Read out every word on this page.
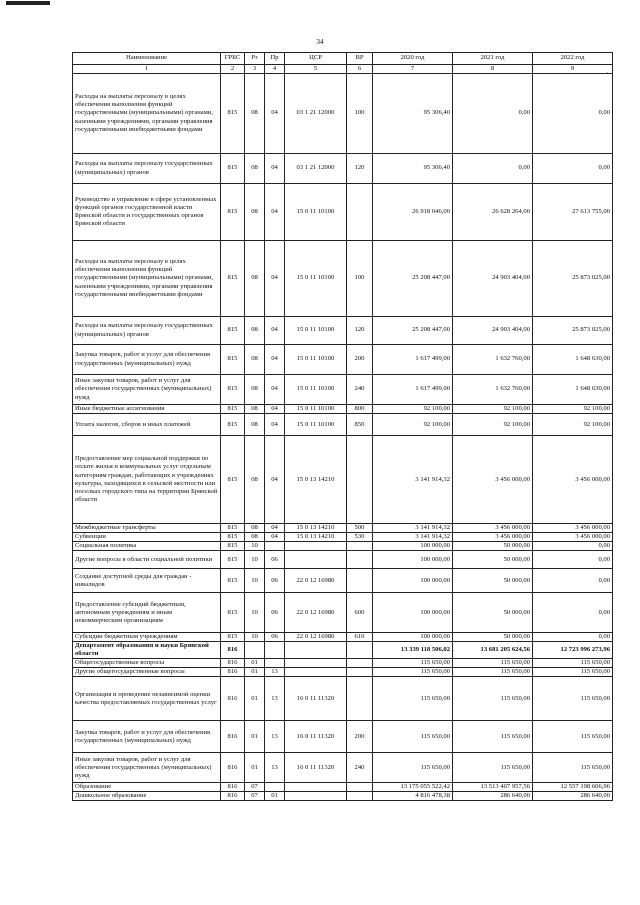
34
·
Наименование	ГРБС	Рз	Пр	ЦСР	ВР	2020 год	2021 год	2022 год
1	2	3	4	5	6	7	8	9
Расходы на выплаты персоналу в целях обеспечения выполнения функций государственными (муниципальными) органами, казенными учреждениями, органами управления государственными внебюджетными фондами	815	08	04	03 1 21 12000	100	95 306,40	0,00	0,00
Расходы на выплаты персоналу государственных (муниципальных) органов	815	08	04	03 1 21 12000	120	95 306,40	0,00	0,00
Руководство и управление в сфере установленных функций органов государственной власти Брянской области и государственных органов Брянской области	815	08	04	15 0 11 10100		26 918 046,00	26 628 264,00	27 613 755,00
Расходы на выплаты персоналу в целях обеспечения выполнения функций государственными (муниципальными) органами, казенными учреждениями, органами управления государственными внебюджетными фондами	815	08	04	15 0 11 10100	100	25 208 447,00	24 903 404,00	25 873 025,00
Расходы на выплаты персоналу государственных (муниципальных) органов	815	08	04	15 0 11 10100	120	25 208 447,00	24 903 404,00	25 873 025,00
Закупка товаров, работ и услуг для обеспечения государственных (муниципальных) нужд	815	08	04	15 0 11 10100	200	1 617 499,00	1 632 760,00	1 648 630,00
Иные закупки товаров, работ и услуг для обеспечения государственных (муниципальных) нужд	815	08	04	15 0 11 10100	240	1 617 499,00	1 632 760,00	1 648 630,00
Иные бюджетные ассигнования	815	08	04	15 0 11 10100	800	92 100,00	92 100,00	92 100,00
Уплата налогов, сборов и иных платежей	815	08	04	15 0 11 10100	850	92 100,00	92 100,00	92 100,00
Предоставление мер социальной поддержки по оплате жилья и коммунальных услуг отдельным категориям граждан, работающих в учреждениях культуры, находящихся в сельской местности или поселках городского типа на территории Брянской области	815	08	04	15 0 13 14210		3 141 914,32	3 456 000,00	3 456 000,00
Межбюджетные трансферты	815	08	04	15 0 13 14210	500	3 141 914,32	3 456 000,00	3 456 000,00
Субвенции	815	08	04	15 0 13 14210	530	3 141 914,32	3 456 000,00	3 456 000,00
Социальная политика	815	10				100 000,00	50 000,00	0,00
Другие вопросы в области социальной политики	815	10	06			100 000,00	50 000,00	0,00
Создание доступной среды для граждан - инвалидов	815	10	06	22 0 12 16980		100 000,00	50 000,00	0,00
Предоставление субсидий бюджетным, автономным учреждениям и иным некоммерческим организациям	815	10	06	22 0 12 16980	600	100 000,00	50 000,00	0,00
Субсидии бюджетным учреждениям	815	10	06	22 0 12 16980	610	100 000,00	50 000,00	0,00
Департамент образования и науки Брянской области	816					13 339 118 506,02	13 681 205 624,56	12 723 996 273,96
Общегосударственные вопросы	816	01				115 650,00	115 650,00	115 650,00
Другие общегосударственные вопросы	816	01	13			115 650,00	115 650,00	115 650,00
Организация и проведение независимой оценки качества предоставляемых государственных услуг	816	01	13	16 0 11 11320		115 650,00	115 650,00	115 650,00
Закупка товаров, работ и услуг для обеспечения государственных (муниципальных) нужд	816	01	13	16 0 11 11320	200	115 650,00	115 650,00	115 650,00
Иные закупки товаров, работ и услуг для обеспечения государственных (муниципальных) нужд	816	01	13	16 0 11 11320	240	115 650,00	115 650,00	115 650,00
Образование	816	07				13 175 055 522,42	13 513 407 957,56	12 557 198 606,96
Дошкольное образование	816	07	01			4 816 478,38	286 640,00	286 640,00
